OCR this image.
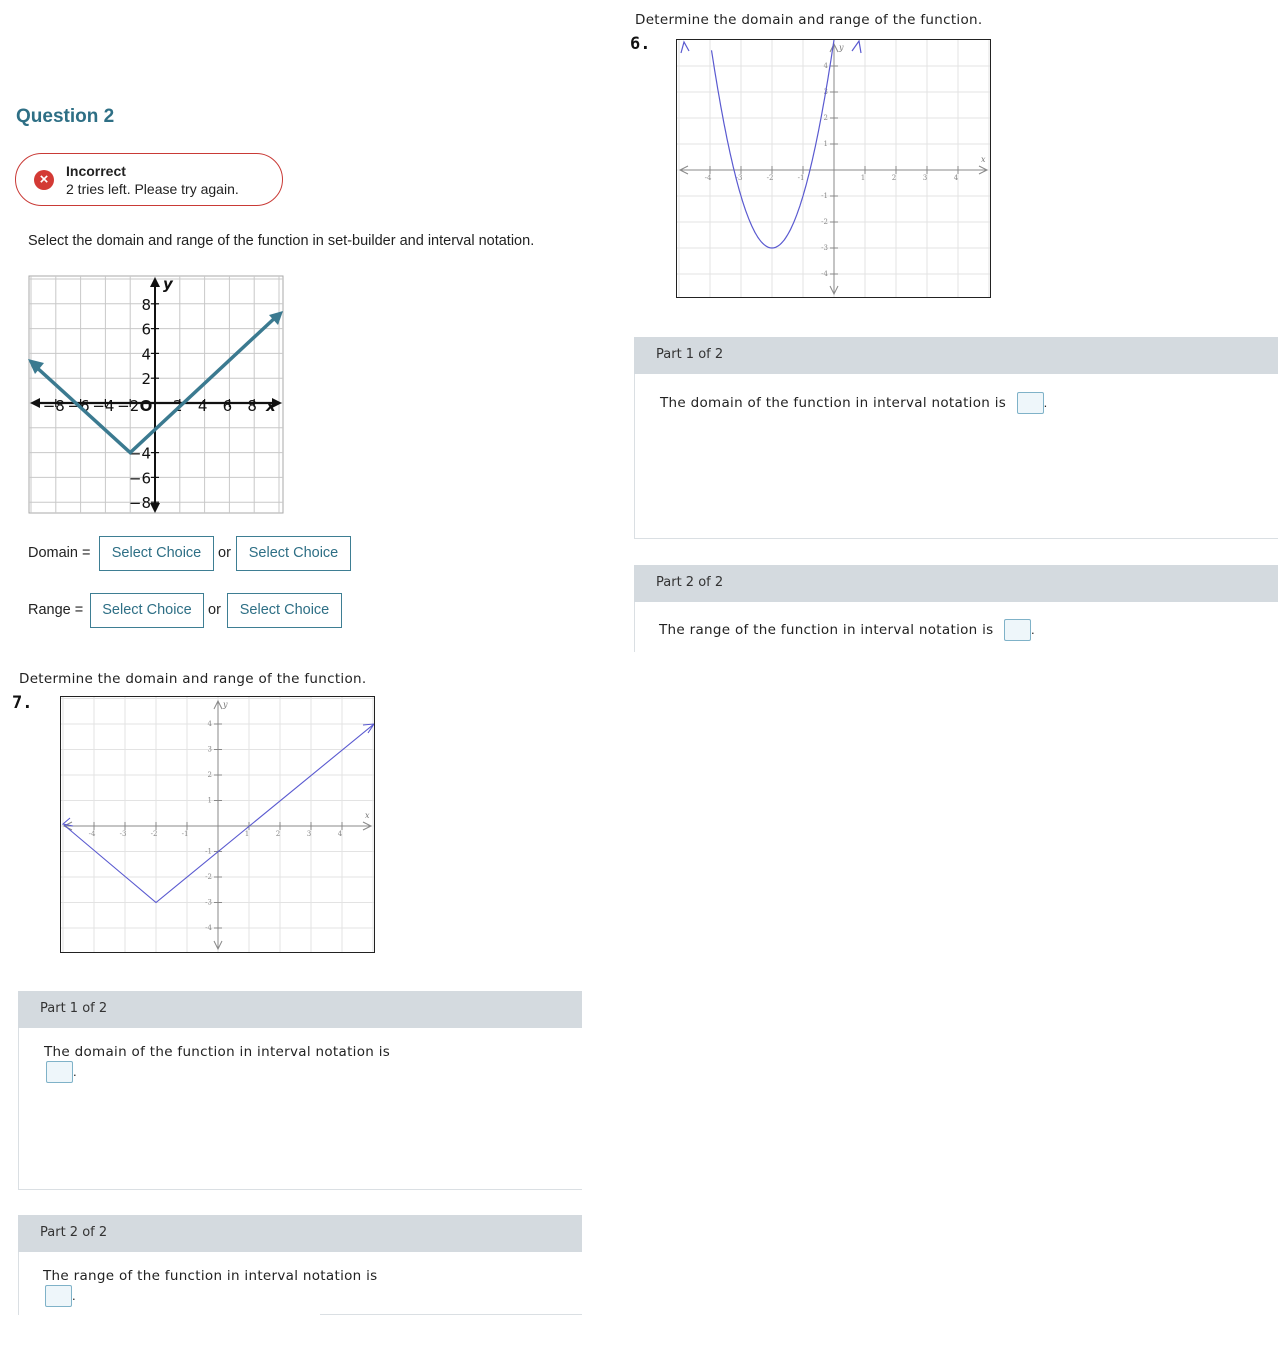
Determine the domain and range of the function.
6.
-4	-3	-2	-1	1	2	3	4
4
3
2
1
-1
-2
-3
-4
x
y
Part 1 of 2
The domain of the function in interval notation is	.
Part 2 of 2
The range of the function in interval notation is	.
Question 2
×	Incorrect
2 tries left. Please try again.
Select the domain and range of the function in set-builder and interval notation.
−8 −6 −4 −2 O 2 4 6 8
8
6
4
2
−4
−6
−8
x
y
Domain =	Select Choice	or	Select Choice
Range =	Select Choice	or	Select Choice
Determine the domain and range of the function.
7.
-4	-3	-2	-1	1	2	3	4
4
3
2
1
-1
-2
-3
-4
x
y
Part 1 of 2
The domain of the function in interval notation is
.
Part 2 of 2
The range of the function in interval notation is
.
